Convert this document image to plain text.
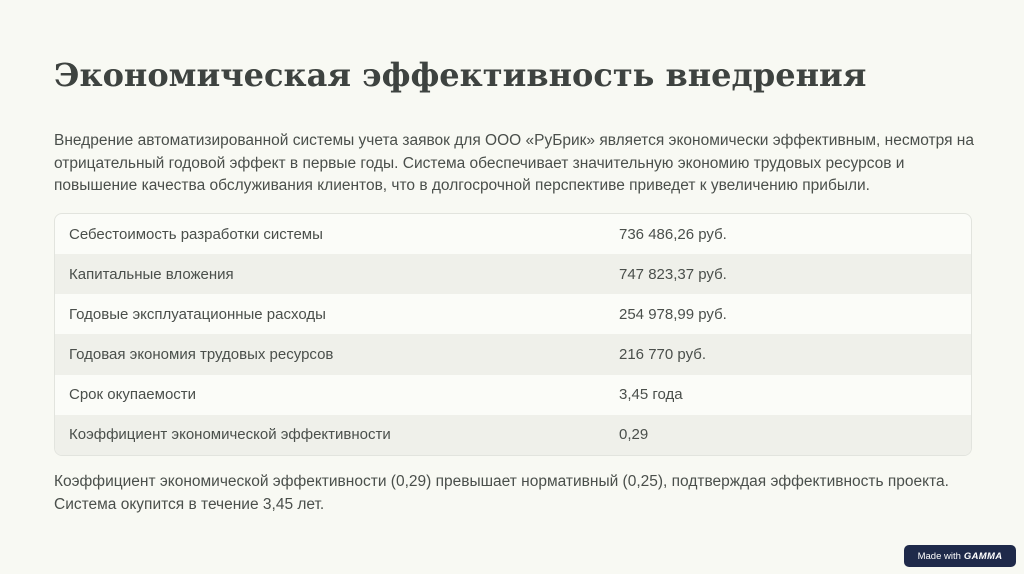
Экономическая эффективность внедрения

Внедрение автоматизированной системы учета заявок для ООО «РуБрик» является экономически эффективным, несмотря на отрицательный годовой эффект в первые годы. Система обеспечивает значительную экономию трудовых ресурсов и повышение качества обслуживания клиентов, что в долгосрочной перспективе приведет к увеличению прибыли.

Себестоимость разработки системы	736 486,26 руб.
Капитальные вложения	747 823,37 руб.
Годовые эксплуатационные расходы	254 978,99 руб.
Годовая экономия трудовых ресурсов	216 770 руб.
Срок окупаемости	3,45 года
Коэффициент экономической эффективности	0,29

Коэффициент экономической эффективности (0,29) превышает нормативный (0,25), подтверждая эффективность проекта. Система окупится в течение 3,45 лет.

Made with GAMMA
